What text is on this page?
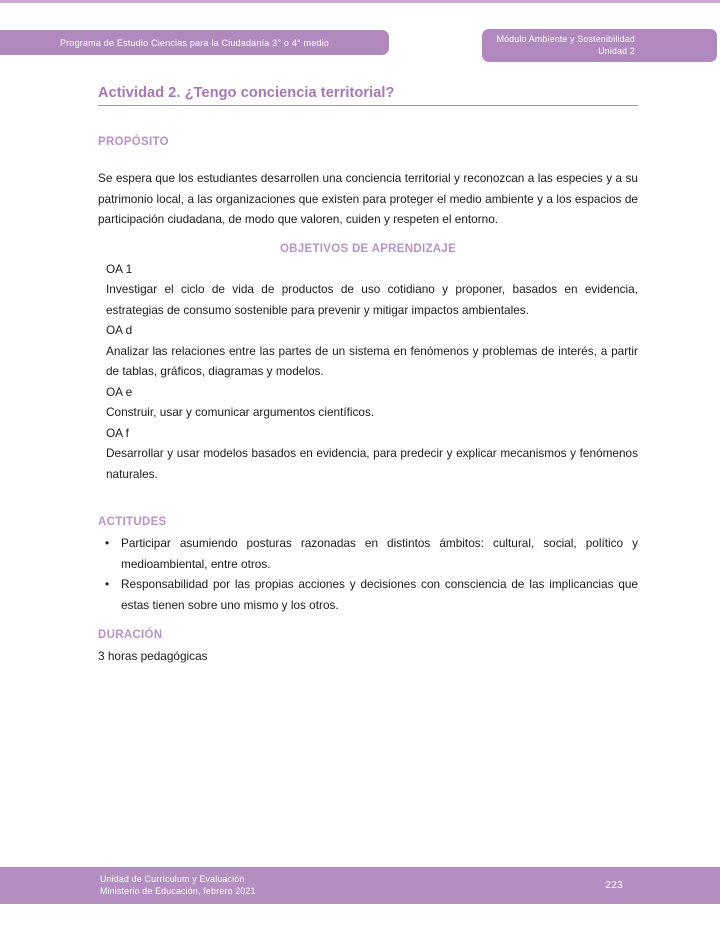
Programa de Estudio Ciencias para la Ciudadanía 3° o 4° medio	Módulo Ambiente y Sostenibilidad
Unidad 2
Actividad 2. ¿Tengo conciencia territorial?
PROPÓSITO
Se espera que los estudiantes desarrollen una conciencia territorial y reconozcan a las especies y a su patrimonio local, a las organizaciones que existen para proteger el medio ambiente y a los espacios de participación ciudadana, de modo que valoren, cuiden y respeten el entorno.
OBJETIVOS DE APRENDIZAJE
OA 1
Investigar el ciclo de vida de productos de uso cotidiano y proponer, basados en evidencia, estrategias de consumo sostenible para prevenir y mitigar impactos ambientales.
OA d
Analizar las relaciones entre las partes de un sistema en fenómenos y problemas de interés, a partir de tablas, gráficos, diagramas y modelos.
OA e
Construir, usar y comunicar argumentos científicos.
OA f
Desarrollar y usar modelos basados en evidencia, para predecir y explicar mecanismos y fenómenos naturales.
ACTITUDES
•	Participar asumiendo posturas razonadas en distintos ámbitos: cultural, social, político y medioambiental, entre otros.
•	Responsabilidad por las propias acciones y decisiones con consciencia de las implicancias que estas tienen sobre uno mismo y los otros.
DURACIÓN
3 horas pedagógicas
Unidad de Currículum y Evaluación
Ministerio de Educación, febrero 2021	223
